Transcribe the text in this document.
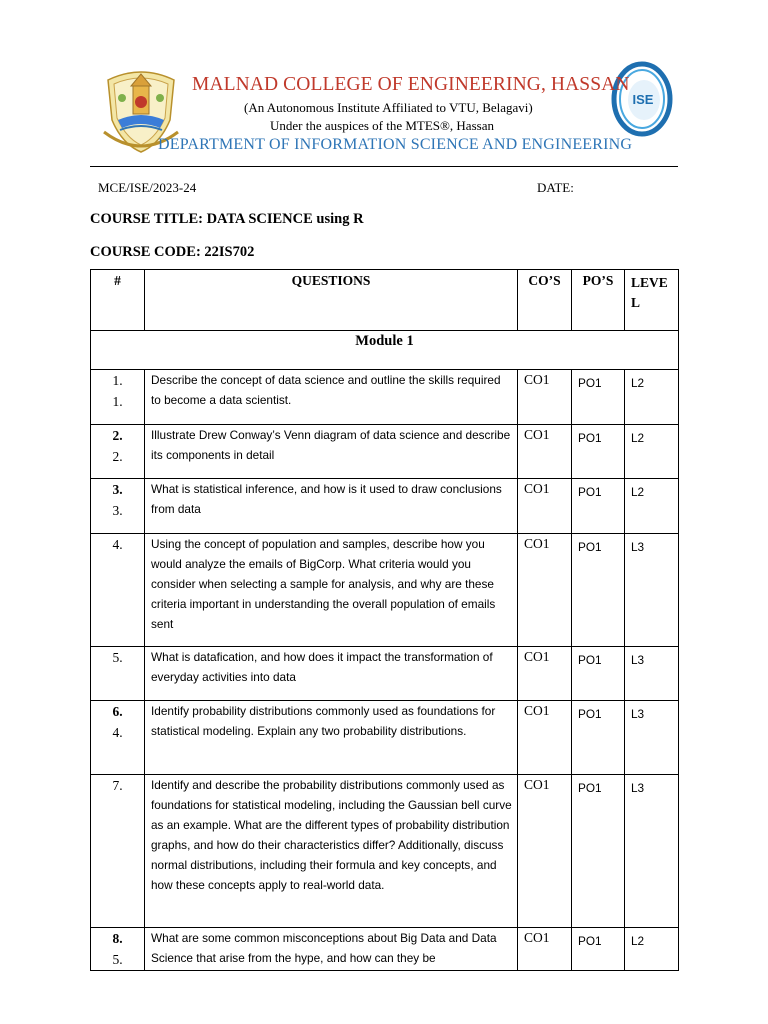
ISE
MALNAD COLLEGE OF ENGINEERING, HASSAN
(An Autonomous Institute Affiliated to VTU, Belagavi)
Under the auspices of the MTES®, Hassan
DEPARTMENT OF INFORMATION SCIENCE AND ENGINEERING
MCE/ISE/2023-24	DATE:
COURSE TITLE: DATA SCIENCE using R
COURSE CODE: 22IS702
#	QUESTIONS	CO’S	PO’S	LEVE
L

Module 1				

1.
1.	Describe the concept of data science and outline the skills required to become a data scientist.	CO1	PO1	L2

2.
2.	Illustrate Drew Conway’s Venn diagram of data science and describe its components in detail	CO1	PO1	L2

3.
3.	What is statistical inference, and how is it used to draw conclusions from data	CO1	PO1	L2

4.	Using the concept of population and samples, describe how you would analyze the emails of BigCorp. What criteria would you consider when selecting a sample for analysis, and why are these criteria important in understanding the overall population of emails sent	CO1	PO1	L3

5.	What is datafication, and how does it impact the transformation of everyday activities into data	CO1	PO1	L3

6.
4.	Identify probability distributions commonly used as foundations for statistical modeling. Explain any two probability distributions.	CO1	PO1	L3

7.	Identify and describe the probability distributions commonly used as foundations for statistical modeling, including the Gaussian bell curve as an example. What are the different types of probability distribution graphs, and how do their characteristics differ? Additionally, discuss normal distributions, including their formula and key concepts, and how these concepts apply to real-world data.	CO1	PO1	L3

8.
5.	What are some common misconceptions about Big Data and Data Science that arise from the hype, and how can they be	CO1	PO1	L2
